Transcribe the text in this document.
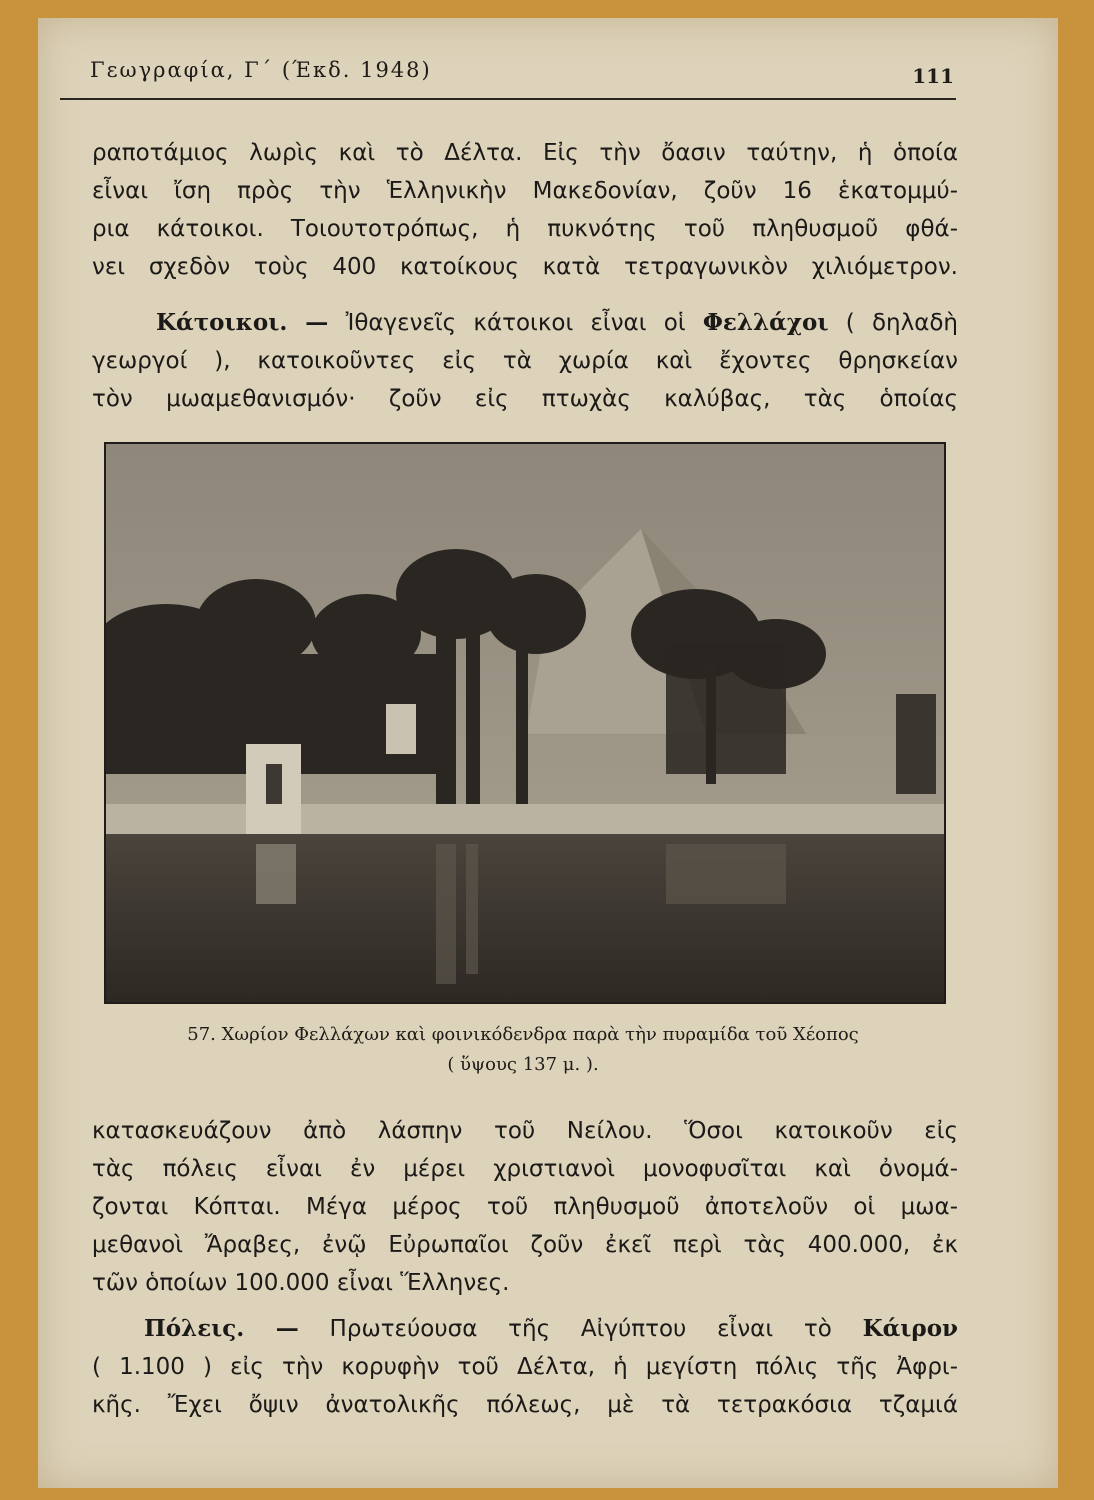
Γεωγραφία, Γ΄ (Έκδ. 1948)	111
ραποτάμιος λωρὶς καὶ τὸ Δέλτα. Εἰς τὴν ὄασιν ταύτην, ἡ ὁποία
εἶναι ἴση πρὸς τὴν Ἑλληνικὴν Μακεδονίαν, ζοῦν 16 ἑκατομμύ-
ρια κάτοικοι. Τοιουτοτρόπως, ἡ πυκνότης τοῦ πληθυσμοῦ φθά-
νει σχεδὸν τοὺς 400 κατοίκους κατὰ τετραγωνικὸν χιλιόμετρον.
Κάτοικοι. — Ἰθαγενεῖς κάτοικοι εἶναι οἱ Φελλάχοι ( δηλαδὴ
γεωργοί ), κατοικοῦντες εἰς τὰ χωρία καὶ ἔχοντες θρησκείαν
τὸν μωαμεθανισμόν· ζοῦν εἰς πτωχὰς καλύβας, τὰς ὁποίας
57. Χωρίον Φελλάχων καὶ φοινικόδενδρα παρὰ τὴν πυραμίδα τοῦ Χέοπος
( ὕψους 137 μ. ).
κατασκευάζουν ἀπὸ λάσπην τοῦ Νείλου. Ὅσοι κατοικοῦν εἰς
τὰς πόλεις εἶναι ἐν μέρει χριστιανοὶ μονοφυσῖται καὶ ὀνομά-
ζονται Κόπται. Μέγα μέρος τοῦ πληθυσμοῦ ἀποτελοῦν οἱ μωα-
μεθανοὶ Ἄραβες, ἐνῷ Εὐρωπαῖοι ζοῦν ἐκεῖ περὶ τὰς 400.000, ἐκ
τῶν ὁποίων 100.000 εἶναι Ἕλληνες.
Πόλεις. — Πρωτεύουσα τῆς Αἰγύπτου εἶναι τὸ Κάιρον
( 1.100 ) εἰς τὴν κορυφὴν τοῦ Δέλτα, ἡ μεγίστη πόλις τῆς Ἀφρι-
κῆς. Ἔχει ὄψιν ἀνατολικῆς πόλεως, μὲ τὰ τετρακόσια τζαμιά
